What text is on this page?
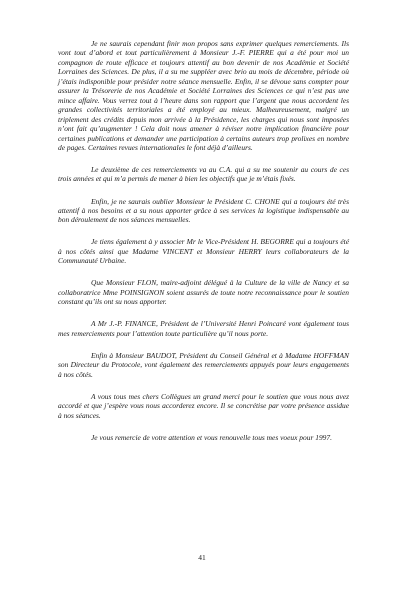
Je ne saurais cependant finir mon propos sans exprimer quelques remerciements. Ils vont tout d’abord et tout particulièrement à Monsieur J.-F. PIERRE qui a été pour moi un compagnon de route efficace et toujours attentif au bon devenir de nos Académie et Société Lorraines des Sciences. De plus, il a su me suppléer avec brio au mois de décembre, période où j’étais indisponible pour présider notre séance mensuelle. Enfin, il se dévoue sans compter pour assurer la Trésorerie de nos Académie et Société Lorraines des Sciences ce qui n’est pas une mince affaire. Vous verrez tout à l’heure dans son rapport que l’argent que nous accordent les grandes collectivités territoriales a été employé au mieux. Malheureusement, malgré un triplement des crédits depuis mon arrivée à la Présidence, les charges qui nous sont imposées n’ont fait qu’augmenter ! Cela doit nous amener à réviser notre implication financière pour certaines publications et demander une participation à certains auteurs trop prolixes en nombre de pages. Certaines revues internationales le font déjà d’ailleurs.

Le deuxième de ces remerciements va au C.A. qui a su me soutenir au cours de ces trois années et qui m’a permis de mener à bien les objectifs que je m’étais fixés.

Enfin, je ne saurais oublier Monsieur le Président C. CHONE qui a toujours été très attentif à nos besoins et a su nous apporter grâce à ses services la logistique indispensable au bon déroulement de nos séances mensuelles.

Je tiens également à y associer Mr le Vice-Président H. BEGORRE qui a toujours été à nos côtés ainsi que Madame VINCENT et Monsieur HERRY leurs collaborateurs de la Communauté Urbaine.

Que Monsieur FLON, maire-adjoint délégué à la Culture de la ville de Nancy et sa collaboratrice Mme POINSIGNON soient assurés de toute notre reconnaissance pour le soutien constant qu’ils ont su nous apporter.

A Mr J.-P. FINANCE, Président de l’Université Henri Poincaré vont également tous mes remerciements pour l’attention toute particulière qu’il nous porte.

Enfin à Monsieur BAUDOT, Président du Conseil Général et à Madame HOFFMAN son Directeur du Protocole, vont également des remerciements appuyés pour leurs engagements à nos côtés.

A vous tous mes chers Collègues un grand merci pour le soutien que vous nous avez accordé et que j’espère vous nous accorderez encore. Il se concrétise par votre présence assidue à nos séances.

Je vous remercie de votre attention et vous renouvelle tous mes voeux pour 1997.

41
